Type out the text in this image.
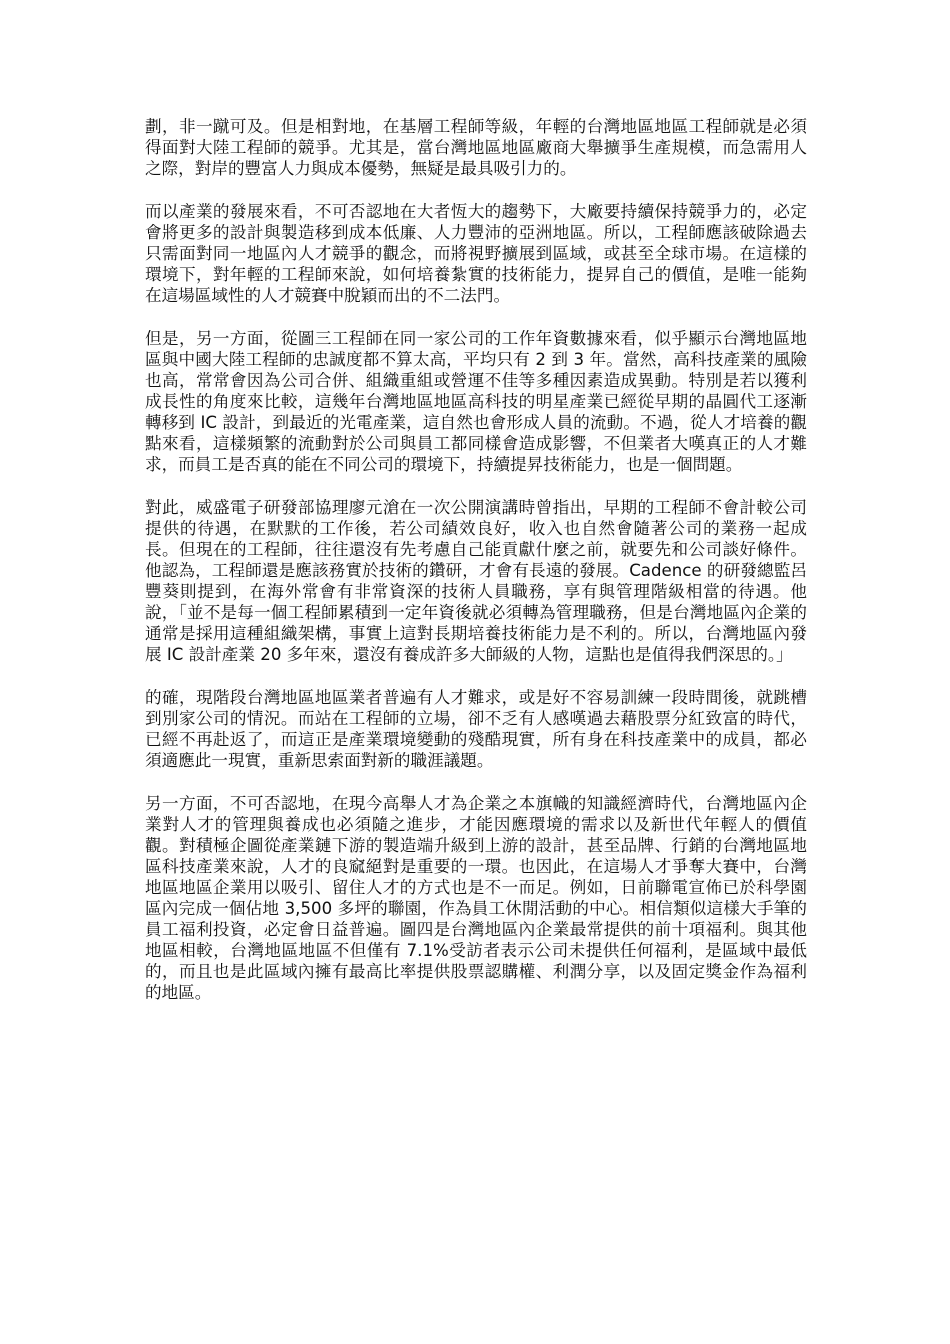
劃，非一蹴可及。但是相對地，在基層工程師等級，年輕的台灣地區地區工程師就是必須得面對大陸工程師的競爭。尤其是，當台灣地區地區廠商大舉擴爭生產規模，而急需用人之際，對岸的豐富人力與成本優勢，無疑是最具吸引力的。

而以產業的發展來看，不可否認地在大者恆大的趨勢下，大廠要持續保持競爭力的，必定會將更多的設計與製造移到成本低廉、人力豐沛的亞洲地區。所以，工程師應該破除過去只需面對同一地區內人才競爭的觀念，而將視野擴展到區域，或甚至全球市場。在這樣的環境下，對年輕的工程師來說，如何培養紮實的技術能力，提昇自己的價值，是唯一能夠在這場區域性的人才競賽中脫穎而出的不二法門。

但是，另一方面，從圖三工程師在同一家公司的工作年資數據來看，似乎顯示台灣地區地區與中國大陸工程師的忠誠度都不算太高，平均只有 2 到 3 年。當然，高科技產業的風險也高，常常會因為公司合併、組織重組或營運不佳等多種因素造成異動。特別是若以獲利成長性的角度來比較，這幾年台灣地區地區高科技的明星產業已經從早期的晶圓代工逐漸轉移到 IC 設計，到最近的光電產業，這自然也會形成人員的流動。不過，從人才培養的觀點來看，這樣頻繁的流動對於公司與員工都同樣會造成影響，不但業者大嘆真正的人才難求，而員工是否真的能在不同公司的環境下，持續提昇技術能力，也是一個問題。

對此，威盛電子研發部協理廖元滄在一次公開演講時曾指出，早期的工程師不會計較公司提供的待遇，在默默的工作後，若公司績效良好，收入也自然會隨著公司的業務一起成長。但現在的工程師，往往還沒有先考慮自己能貢獻什麼之前，就要先和公司談好條件。他認為，工程師還是應該務實於技術的鑽研，才會有長遠的發展。Cadence 的研發總監呂豐葵則提到，在海外常會有非常資深的技術人員職務，享有與管理階級相當的待遇。他說，「並不是每一個工程師累積到一定年資後就必須轉為管理職務，但是台灣地區內企業的通常是採用這種組織架構，事實上這對長期培養技術能力是不利的。所以，台灣地區內發展 IC 設計產業 20 多年來，還沒有養成許多大師級的人物，這點也是值得我們深思的。」

的確，現階段台灣地區地區業者普遍有人才難求，或是好不容易訓練一段時間後，就跳槽到別家公司的情況。而站在工程師的立場，卻不乏有人感嘆過去藉股票分紅致富的時代，已經不再赴返了，而這正是產業環境變動的殘酷現實，所有身在科技產業中的成員，都必須適應此一現實，重新思索面對新的職涯議題。

另一方面，不可否認地，在現今高舉人才為企業之本旗幟的知識經濟時代，台灣地區內企業對人才的管理與養成也必須隨之進步，才能因應環境的需求以及新世代年輕人的價值觀。對積極企圖從產業鏈下游的製造端升級到上游的設計，甚至品牌、行銷的台灣地區地區科技產業來說，人才的良窳絕對是重要的一環。也因此，在這場人才爭奪大賽中，台灣地區地區企業用以吸引、留住人才的方式也是不一而足。例如，日前聯電宣佈已於科學園區內完成一個佔地 3,500 多坪的聯園，作為員工休閒活動的中心。相信類似這樣大手筆的員工福利投資，必定會日益普遍。圖四是台灣地區內企業最常提供的前十項福利。與其他地區相較，台灣地區地區不但僅有 7.1%受訪者表示公司未提供任何福利，是區域中最低的，而且也是此區域內擁有最高比率提供股票認購權、利潤分享，以及固定獎金作為福利的地區。
